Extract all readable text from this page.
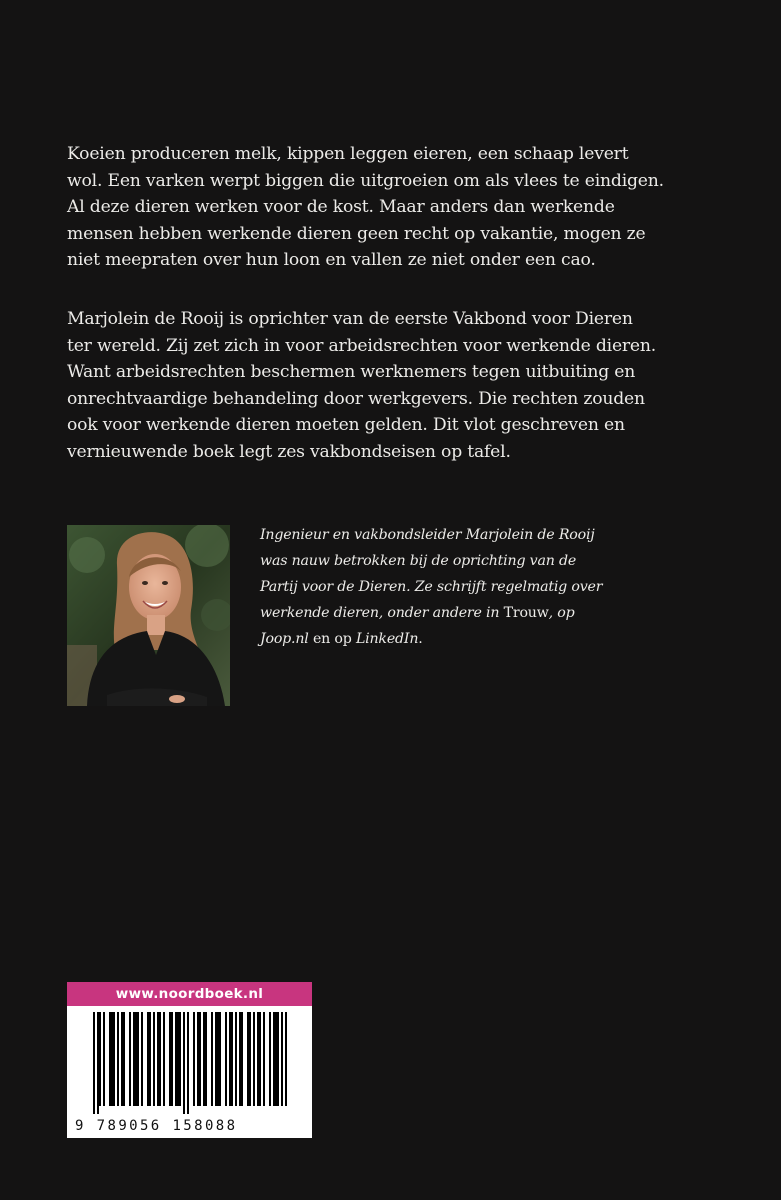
Koeien produceren melk, kippen leggen eieren, een schaap levert
wol. Een varken werpt biggen die uitgroeien om als vlees te eindigen.
Al deze dieren werken voor de kost. Maar anders dan werkende
mensen hebben werkende dieren geen recht op vakantie, mogen ze
niet meepraten over hun loon en vallen ze niet onder een cao.
Marjolein de Rooij is oprichter van de eerste Vakbond voor Dieren
ter wereld. Zij zet zich in voor arbeidsrechten voor werkende dieren.
Want arbeidsrechten beschermen werknemers tegen uitbuiting en
onrechtvaardige behandeling door werkgevers. Die rechten zouden
ook voor werkende dieren moeten gelden. Dit vlot geschreven en
vernieuwende boek legt zes vakbondseisen op tafel.
Ingenieur en vakbondsleider Marjolein de Rooij
was nauw betrokken bij de oprichting van de
Partij voor de Dieren. Ze schrijft regelmatig over
werkende dieren, onder andere in Trouw, op
Joop.nl en op LinkedIn.
www.noordboek.nl
9 789056 158088
